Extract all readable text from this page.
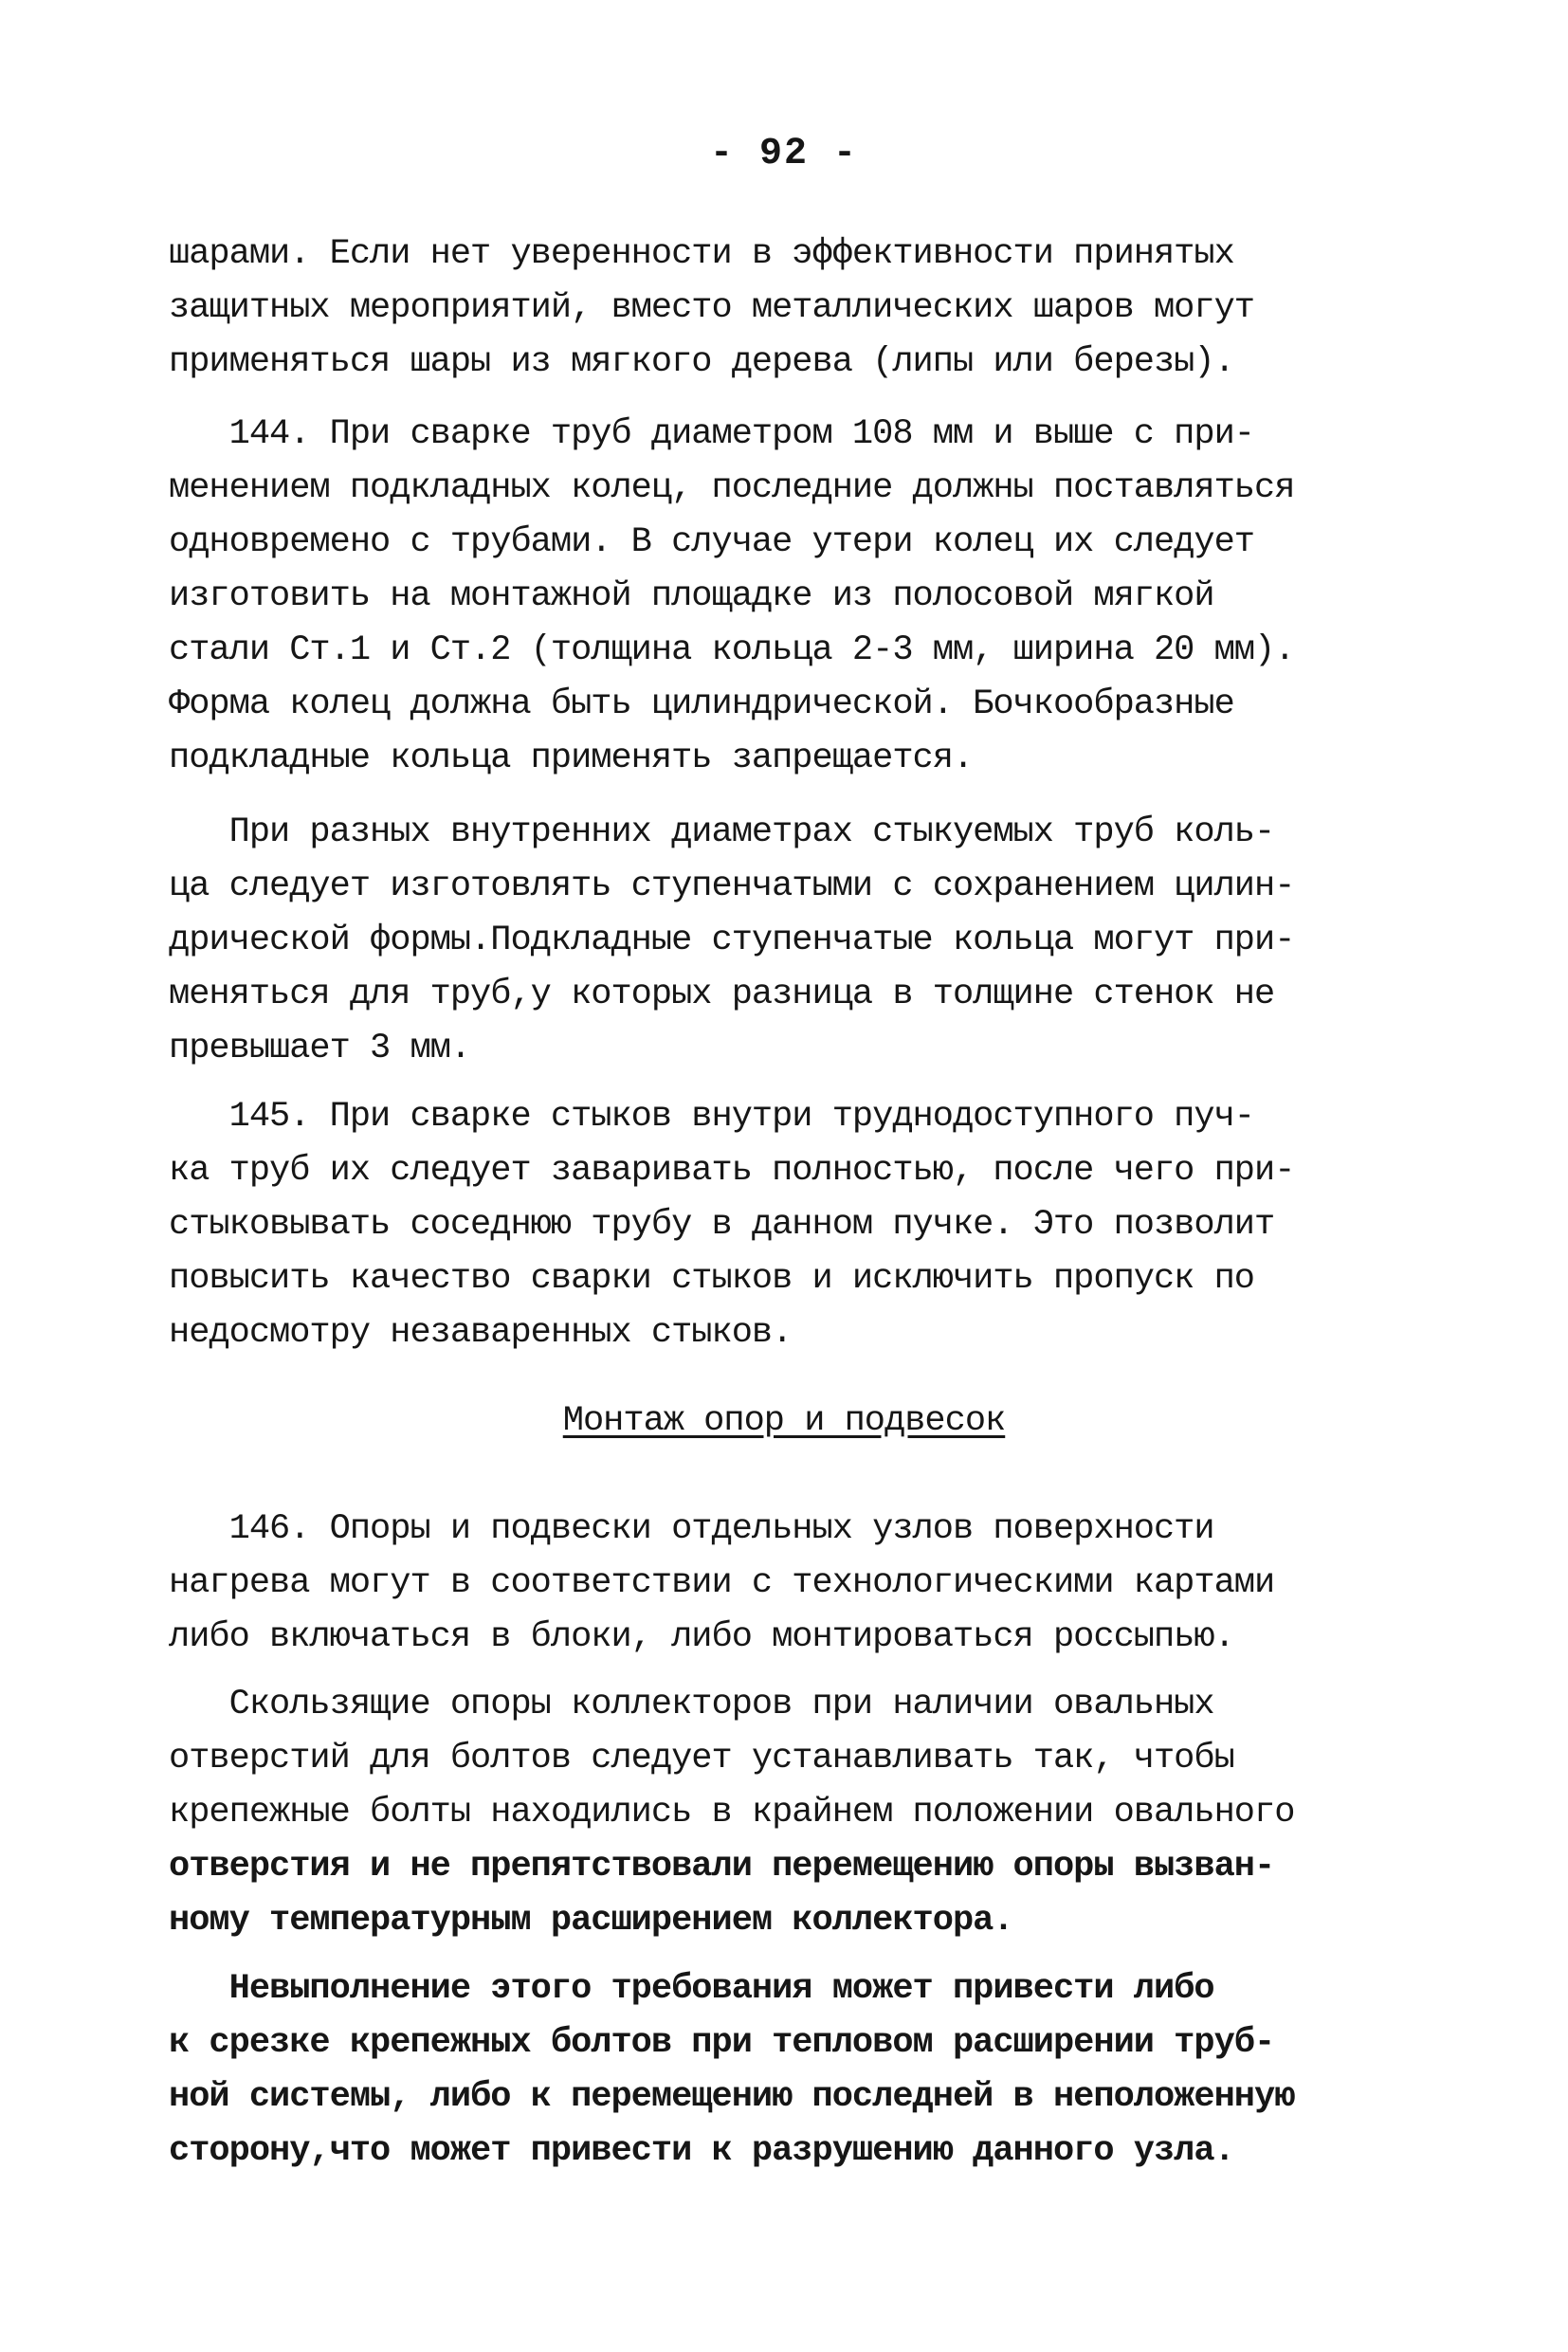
- 92 -
шарами. Если нет уверенности в эффективности принятых
защитных мероприятий, вместо металлических шаров могут
применяться шары из мягкого дерева (липы или березы).
144. При сварке труб диаметром 108 мм и выше с при-
менением подкладных колец, последние должны поставляться
одновремено с трубами. В случае утери колец их следует
изготовить на монтажной площадке из полосовой мягкой
стали Ст.1 и Ст.2 (толщина кольца 2-3 мм, ширина 20 мм).
Форма колец должна быть цилиндрической. Бочкообразные
подкладные кольца применять запрещается.
При разных внутренних диаметрах стыкуемых труб коль-
ца следует изготовлять ступенчатыми с сохранением цилин-
дрической формы.Подкладные ступенчатые кольца могут при-
меняться для труб,у которых разница в толщине стенок не
превышает 3 мм.
145. При сварке стыков внутри труднодоступного пуч-
ка труб их следует заваривать полностью, после чего при-
стыковывать соседнюю трубу в данном пучке. Это позволит
повысить качество сварки стыков и исключить пропуск по
недосмотру незаваренных стыков.
Монтаж опор и подвесок
146. Опоры и подвески отдельных узлов поверхности
нагрева могут в соответствии с технологическими картами
либо включаться в блоки, либо монтироваться россыпью.
Скользящие опоры коллекторов при наличии овальных
отверстий для болтов следует устанавливать так, чтобы
крепежные болты находились в крайнем положении овального
отверстия и не препятствовали перемещению опоры вызван-
ному температурным расширением коллектора.
Невыполнение этого требования может привести либо
к срезке крепежных болтов при тепловом расширении труб-
ной системы, либо к перемещению последней в неположенную
сторону,что может привести к разрушению данного узла.
